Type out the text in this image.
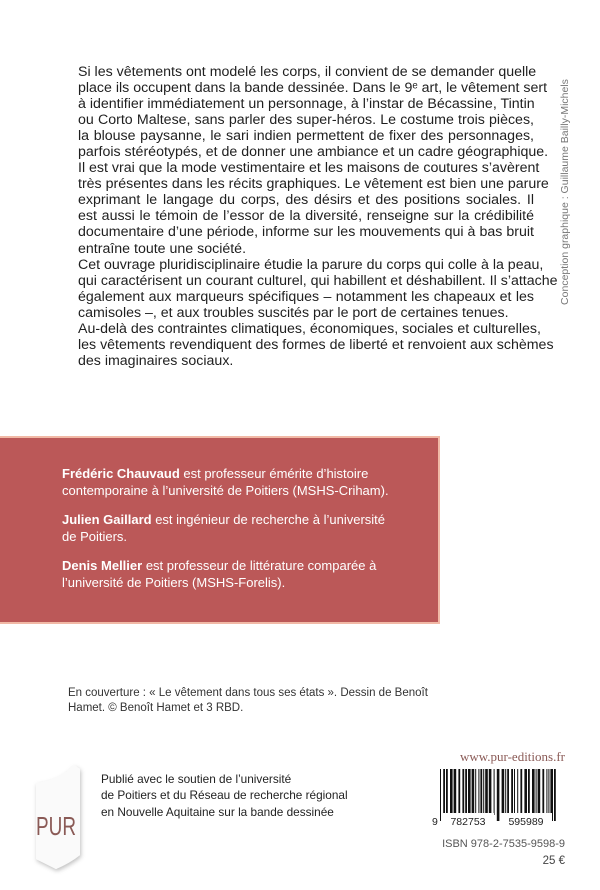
Si les vêtements ont modelé les corps, il convient de se demander quelle
place ils occupent dans la bande dessinée. Dans le 9ᵉ art, le vêtement sert
à identifier immédiatement un personnage, à l’instar de Bécassine, Tintin
ou Corto Maltese, sans parler des super-héros. Le costume trois pièces,
la blouse paysanne, le sari indien permettent de fixer des personnages,
parfois stéréotypés, et de donner une ambiance et un cadre géographique.
Il est vrai que la mode vestimentaire et les maisons de coutures s’avèrent
très présentes dans les récits graphiques. Le vêtement est bien une parure
exprimant le langage du corps, des désirs et des positions sociales. Il
est aussi le témoin de l’essor de la diversité, renseigne sur la crédibilité
documentaire d’une période, informe sur les mouvements qui à bas bruit
entraîne toute une société.
Cet ouvrage pluridisciplinaire étudie la parure du corps qui colle à la peau,
qui caractérisent un courant culturel, qui habillent et déshabillent. Il s’attache
également aux marqueurs spécifiques – notamment les chapeaux et les
camisoles –, et aux troubles suscités par le port de certaines tenues.
Au-delà des contraintes climatiques, économiques, sociales et culturelles,
les vêtements revendiquent des formes de liberté et renvoient aux schèmes
des imaginaires sociaux.
Conception graphique : Guillaume Bailly-Michels
Frédéric Chauvaud est professeur émérite d’histoire
contemporaine à l’université de Poitiers (MSHS-Criham).
Julien Gaillard est ingénieur de recherche à l’université
de Poitiers.
Denis Mellier est professeur de littérature comparée à
l’université de Poitiers (MSHS-Forelis).
En couverture : « Le vêtement dans tous ses états ». Dessin de Benoît
Hamet. © Benoît Hamet et 3 RBD.
PUR
Publié avec le soutien de l’université
de Poitiers et du Réseau de recherche régional
en Nouvelle Aquitaine sur la bande dessinée
www.pur-editions.fr
9 782753 595989
ISBN 978-2-7535-9598-9
25 €
